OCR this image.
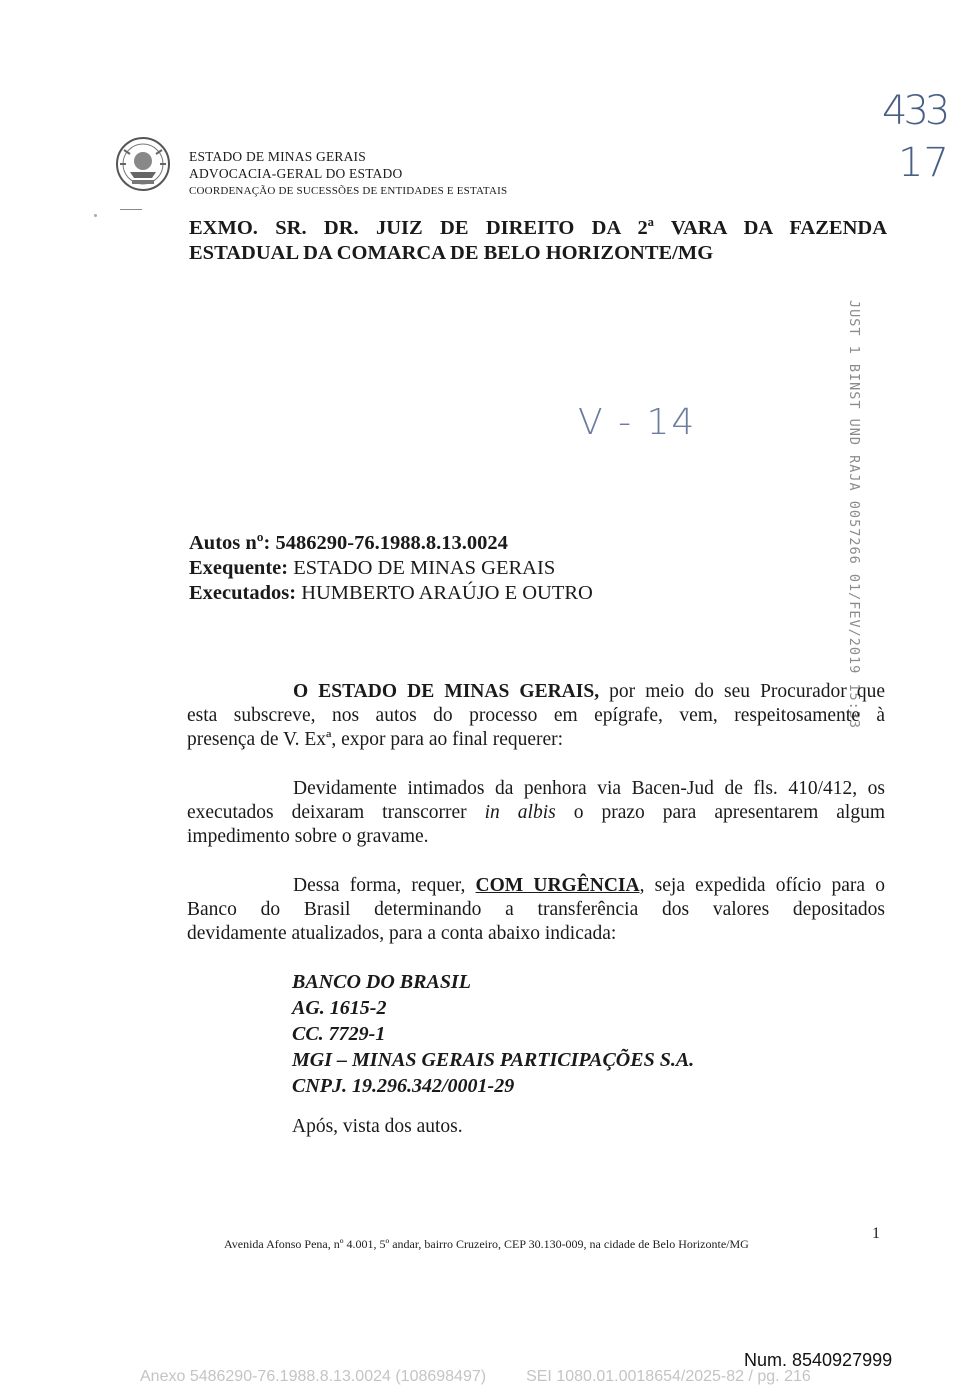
ESTADO DE MINAS GERAIS
ADVOCACIA-GERAL DO ESTADO
COORDENAÇÃO DE SUCESSÕES DE ENTIDADES E ESTATAIS
433
17
EXMO. SR. DR. JUIZ DE DIREITO DA 2ª VARA DA FAZENDA
ESTADUAL DA COMARCA DE BELO HORIZONTE/MG
JUST 1 BINST UND RAJA 0057266 01/FEV/2019 15:33
V - 14
Autos nº: 5486290-76.1988.8.13.0024
Exequente: ESTADO DE MINAS GERAIS
Executados: HUMBERTO ARAÚJO E OUTRO
O ESTADO DE MINAS GERAIS, por meio do seu Procurador que
esta subscreve, nos autos do processo em epígrafe, vem, respeitosamente à
presença de V. Exª, expor para ao final requerer:
Devidamente intimados da penhora via Bacen-Jud de fls. 410/412, os
executados deixaram transcorrer in albis o prazo para apresentarem algum
impedimento sobre o gravame.
Dessa forma, requer, COM URGÊNCIA, seja expedida ofício para o
Banco do Brasil determinando a transferência dos valores depositados
devidamente atualizados, para a conta abaixo indicada:
BANCO DO BRASIL
AG. 1615-2
CC. 7729-1
MGI – MINAS GERAIS PARTICIPAÇÕES S.A.
CNPJ. 19.296.342/0001-29
Após, vista dos autos.
Avenida Afonso Pena, nº 4.001, 5º andar, bairro Cruzeiro, CEP 30.130-009, na cidade de Belo Horizonte/MG
1
Num. 8540927999
Anexo 5486290-76.1988.8.13.0024 (108698497)	SEI 1080.01.0018654/2025-82 / pg. 216
